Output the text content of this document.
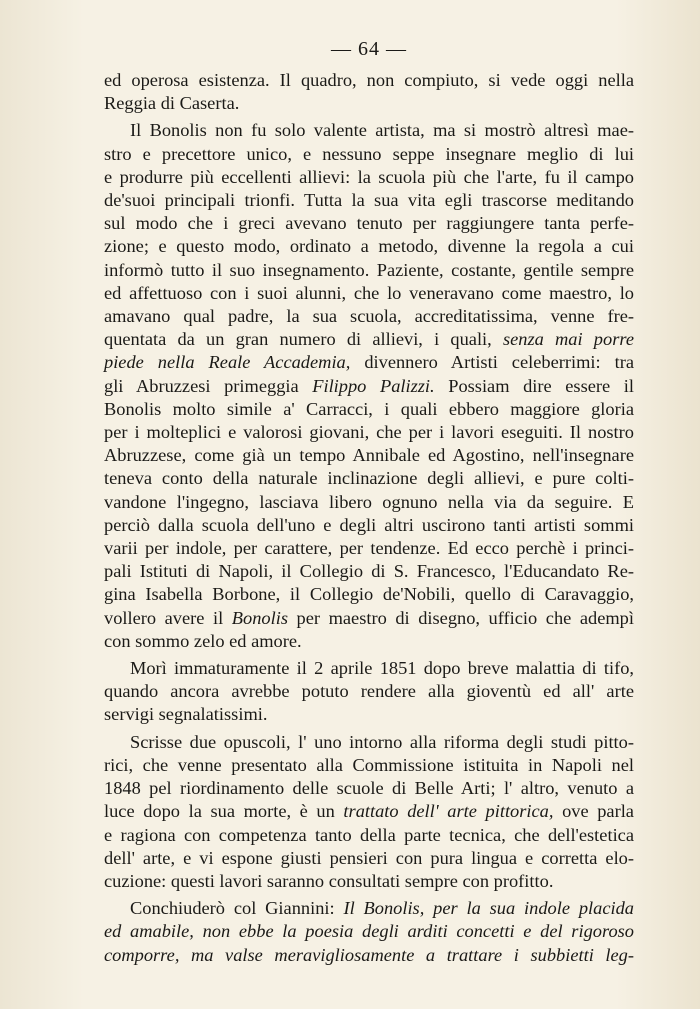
— 64 —
ed operosa esistenza. Il quadro, non compiuto, si vede oggi nella
Reggia di Caserta.
Il Bonolis non fu solo valente artista, ma si mostrò altresì mae-
stro e precettore unico, e nessuno seppe insegnare meglio di lui
e produrre più eccellenti allievi: la scuola più che l'arte, fu il campo
de'suoi principali trionfi. Tutta la sua vita egli trascorse meditando
sul modo che i greci avevano tenuto per raggiungere tanta perfe-
zione; e questo modo, ordinato a metodo, divenne la regola a cui
informò tutto il suo insegnamento. Paziente, costante, gentile sempre
ed affettuoso con i suoi alunni, che lo veneravano come maestro, lo
amavano qual padre, la sua scuola, accreditatissima, venne fre-
quentata da un gran numero di allievi, i quali, senza mai porre
piede nella Reale Accademia, divennero Artisti celeberrimi: tra
gli Abruzzesi primeggia Filippo Palizzi. Possiam dire essere il
Bonolis molto simile a' Carracci, i quali ebbero maggiore gloria
per i molteplici e valorosi giovani, che per i lavori eseguiti. Il nostro
Abruzzese, come già un tempo Annibale ed Agostino, nell'insegnare
teneva conto della naturale inclinazione degli allievi, e pure colti-
vandone l'ingegno, lasciava libero ognuno nella via da seguire. E
perciò dalla scuola dell'uno e degli altri uscirono tanti artisti sommi
varii per indole, per carattere, per tendenze. Ed ecco perchè i princi-
pali Istituti di Napoli, il Collegio di S. Francesco, l'Educandato Re-
gina Isabella Borbone, il Collegio de'Nobili, quello di Caravaggio,
vollero avere il Bonolis per maestro di disegno, ufficio che adempì
con sommo zelo ed amore.
Morì immaturamente il 2 aprile 1851 dopo breve malattia di tifo,
quando ancora avrebbe potuto rendere alla gioventù ed all' arte
servigi segnalatissimi.
Scrisse due opuscoli, l' uno intorno alla riforma degli studi pitto-
rici, che venne presentato alla Commissione istituita in Napoli nel
1848 pel riordinamento delle scuole di Belle Arti; l' altro, venuto a
luce dopo la sua morte, è un trattato dell' arte pittorica, ove parla
e ragiona con competenza tanto della parte tecnica, che dell'estetica
dell' arte, e vi espone giusti pensieri con pura lingua e corretta elo-
cuzione: questi lavori saranno consultati sempre con profitto.
Conchiuderò col Giannini: Il Bonolis, per la sua indole placida
ed amabile, non ebbe la poesia degli arditi concetti e del rigoroso
comporre, ma valse meravigliosamente a trattare i subbietti leg-
